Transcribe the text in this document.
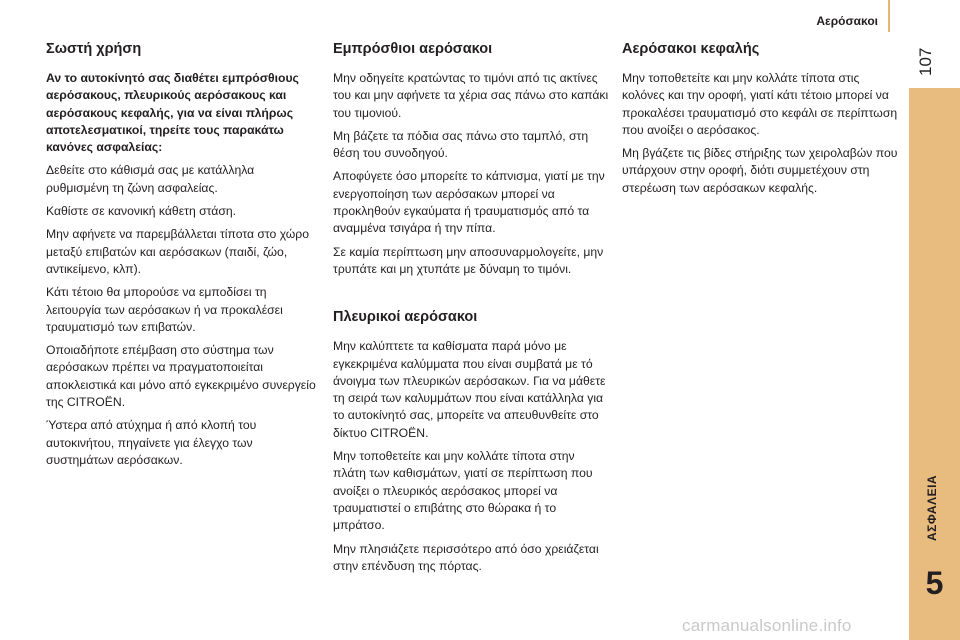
Αερόσακοι
107
ΑΣΦΑΛΕΙΑ
5
Σωστή χρήση
Αν το αυτοκίνητό σας διαθέτει εμπρόσθιους αερόσακους, πλευρικούς αερόσακους και αερόσακους κεφαλής, για να είναι πλήρως αποτελεσματικοί, τηρείτε τους παρακάτω κανόνες ασφαλείας:
Δεθείτε στο κάθισμά σας με κατάλληλα ρυθμισμένη τη ζώνη ασφαλείας.
Καθίστε σε κανονική κάθετη στάση.
Μην αφήνετε να παρεμβάλλεται τίποτα στο χώρο μεταξύ επιβατών και αερόσακων (παιδί, ζώο, αντικείμενο, κλπ).
Κάτι τέτοιο θα μπορούσε να εμποδίσει τη λειτουργία των αερόσακων ή να προκαλέσει τραυματισμό των επιβατών.
Οποιαδήποτε επέμβαση στο σύστημα των αερόσακων πρέπει να πραγματοποιείται αποκλειστικά και μόνο από εγκεκριμένο συνεργείο της CITROËN.
Ύστερα από ατύχημα ή από κλοπή του αυτοκινήτου, πηγαίνετε για έλεγχο των συστημάτων αερόσακων.
Εμπρόσθιοι αερόσακοι
Μην οδηγείτε κρατώντας το τιμόνι από τις ακτίνες του και μην αφήνετε τα χέρια σας πάνω στο καπάκι του τιμονιού.
Μη βάζετε τα πόδια σας πάνω στο ταμπλό, στη θέση του συνοδηγού.
Αποφύγετε όσο μπορείτε το κάπνισμα, γιατί με την ενεργοποίηση των αερόσακων μπορεί να προκληθούν εγκαύματα ή τραυματισμός από τα αναμμένα τσιγάρα ή την πίπα.
Σε καμία περίπτωση μην αποσυναρμολογείτε, μην τρυπάτε και μη χτυπάτε με δύναμη το τιμόνι.
Πλευρικοί αερόσακοι
Μην καλύπτετε τα καθίσματα παρά μόνο με εγκεκριμένα καλύμματα που είναι συμβατά με τό άνοιγμα των πλευρικών αερόσακων. Για να μάθετε τη σειρά των καλυμμάτων που είναι κατάλληλα για το αυτοκίνητό σας, μπορείτε να απευθυνθείτε στο δίκτυο CITROËN.
Μην τοποθετείτε και μην κολλάτε τίποτα στην πλάτη των καθισμάτων, γιατί σε περίπτωση που ανοίξει ο πλευρικός αερόσακος μπορεί να τραυματιστεί ο επιβάτης στο θώρακα ή το μπράτσο.
Μην πλησιάζετε περισσότερο από όσο χρειάζεται στην επένδυση της πόρτας.
Αερόσακοι κεφαλής
Μην τοποθετείτε και μην κολλάτε τίποτα στις κολόνες και την οροφή, γιατί κάτι τέτοιο μπορεί να προκαλέσει τραυματισμό στο κεφάλι σε περίπτωση που ανοίξει ο αερόσακος.
Μη βγάζετε τις βίδες στήριξης των χειρολαβών που υπάρχουν στην οροφή, διότι συμμετέχουν στη στερέωση των αερόσακων κεφαλής.
carmanualsonline.info
